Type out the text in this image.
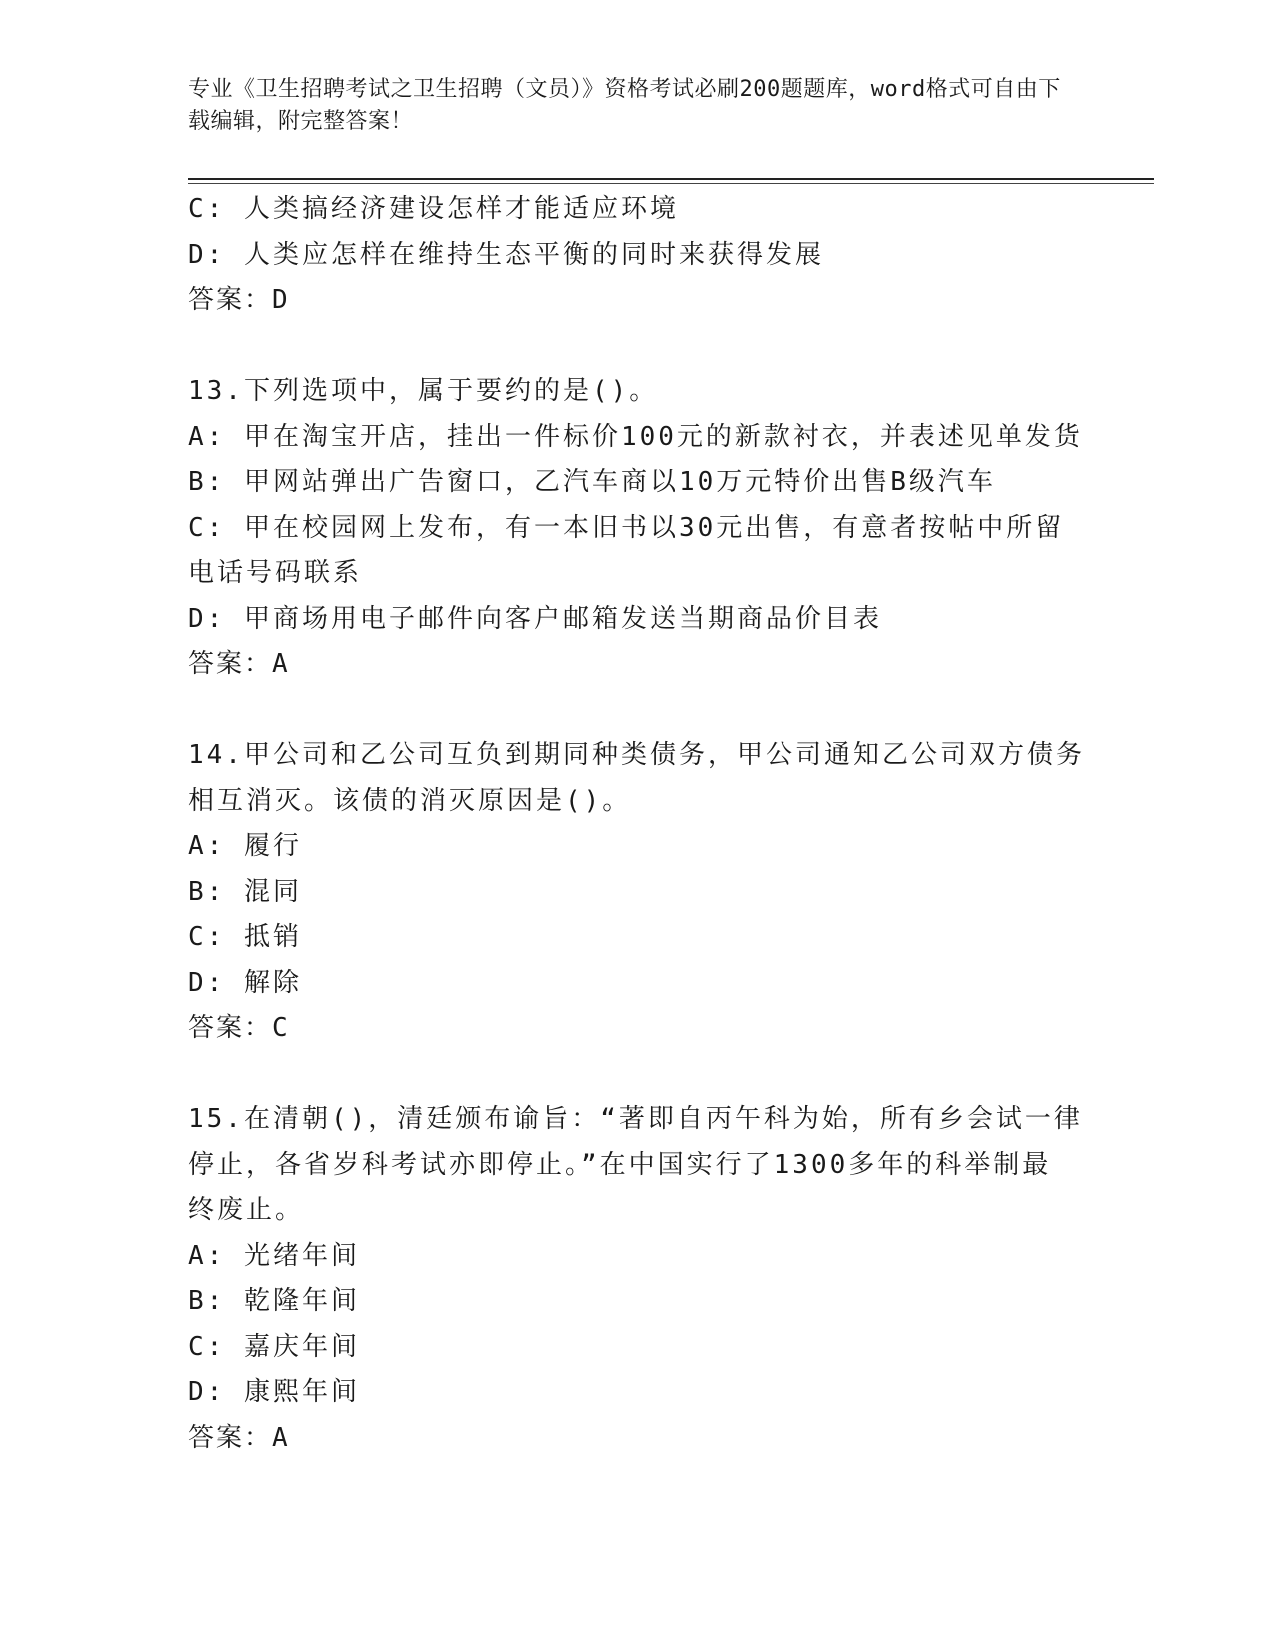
专业《卫生招聘考试之卫生招聘（文员）》资格考试必刷200题题库，word格式可自由下载编辑，附完整答案！
C: 人类搞经济建设怎样才能适应环境
D: 人类应怎样在维持生态平衡的同时来获得发展
答案：D
13.下列选项中，属于要约的是()。
A: 甲在淘宝开店，挂出一件标价100元的新款衬衣，并表述见单发货
B: 甲网站弹出广告窗口，乙汽车商以10万元特价出售B级汽车
C: 甲在校园网上发布，有一本旧书以30元出售，有意者按帖中所留
电话号码联系
D: 甲商场用电子邮件向客户邮箱发送当期商品价目表
答案：A
14.甲公司和乙公司互负到期同种类债务，甲公司通知乙公司双方债务
相互消灭。该债的消灭原因是()。
A: 履行
B: 混同
C: 抵销
D: 解除
答案：C
15.在清朝()，清廷颁布谕旨：“著即自丙午科为始，所有乡会试一律
停止，各省岁科考试亦即停止。”在中国实行了1300多年的科举制最
终废止。
A: 光绪年间
B: 乾隆年间
C: 嘉庆年间
D: 康熙年间
答案：A
